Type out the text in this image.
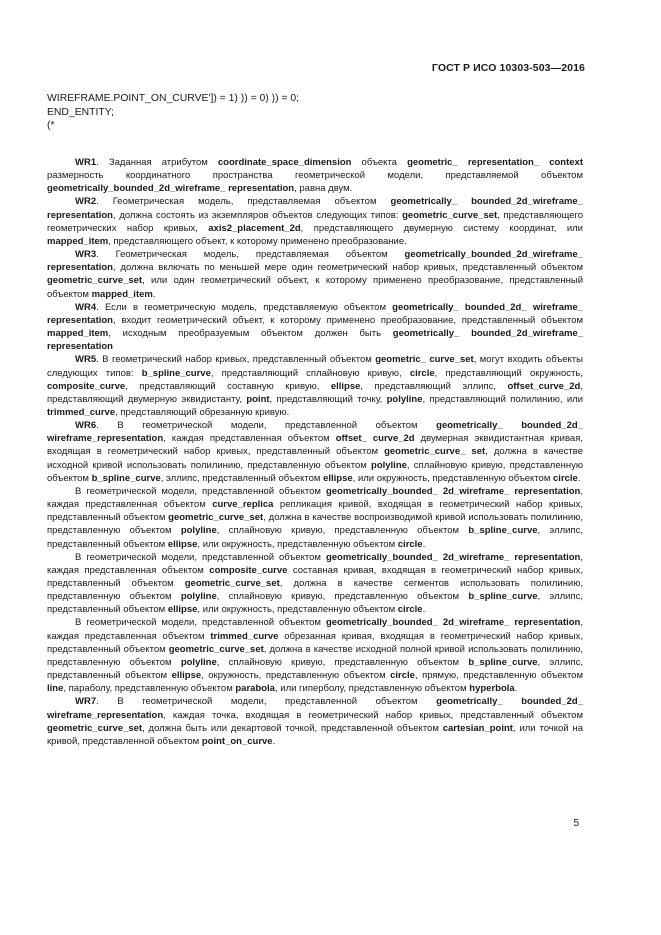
ГОСТ Р ИСО 10303-503—2016
WIREFRAME.POINT_ON_CURVE']) = 1) )) = 0) )) = 0;
END_ENTITY;
(*

WR1. Заданная атрибутом coordinate_space_dimension объекта geometric_ representation_ context размерность координатного пространства геометрической модели, представляемой объектом geometrically_bounded_2d_wireframe_ representation, равна двум.

WR2. Геометрическая модель, представляемая объектом geometrically_ bounded_2d_wireframe_ representation, должна состоять из экземпляров объектов следующих типов: geometric_curve_set, представляющего геометрических набор кривых, axis2_placement_2d, представляющего двумерную систему координат, или mapped_item, представляющего объект, к которому применено преобразование.

WR3. Геометрическая модель, представляемая объектом geometrically_bounded_2d_wireframe_ representation, должна включать по меньшей мере один геометрический набор кривых, представленный объектом geometric_curve_set, или один геометрический объект, к которому применено преобразование, представленный объектом mapped_item.

WR4. Если в геометрическую модель, представляемую объектом geometrically_ bounded_2d_ wireframe_ representation, входит геометрический объект, к которому применено преобразование, представленный объектом mapped_item, исходным преобразуемым объектом должен быть geometrically_ bounded_2d_wireframe_ representation

WR5. В геометрический набор кривых, представленный объектом geometric_ curve_set, могут входить объекты следующих типов: b_spline_curve, представляющий сплайновую кривую, circle, представляющий окружность, composite_curve, представляющий составную кривую, ellipse, представляющий эллипс, offset_curve_2d, представляющий двумерную эквидистанту, point, представляющий точку, polyline, представляющий полилинию, или trimmed_curve, представляющий обрезанную кривую.

WR6. В геометрической модели, представленной объектом geometrically_ bounded_2d_ wireframe_representation, каждая представленная объектом offset_ curve_2d двумерная эквидистантная кривая, входящая в геометрический набор кривых, представленный объектом geometric_curve_ set, должна в качестве исходной кривой использовать полилинию, представленную объектом polyline, сплайновую кривую, представленную объектом b_spline_curve, эллипс, представленный объектом ellipse, или окружность, представленную объектом circle.

В геометрической модели, представленной объектом geometrically_bounded_ 2d_wireframe_ representation, каждая представленная объектом curve_replica репликация кривой, входящая в геометрический набор кривых, представленный объектом geometric_curve_set, должна в качестве воспроизводимой кривой использовать полилинию, представленную объектом polyline, сплайновую кривую, представленную объектом b_spline_curve, эллипс, представленный объектом ellipse, или окружность, представленную объектом circle.

В геометрической модели, представленной объектом geometrically_bounded_ 2d_wireframe_ representation, каждая представленная объектом composite_curve составная кривая, входящая в геометрический набор кривых, представленный объектом geometric_curve_set, должна в качестве сегментов использовать полилинию, представленную объектом polyline, сплайновую кривую, представленную объектом b_spline_curve, эллипс, представленный объектом ellipse, или окружность, представленную объектом circle.

В геометрической модели, представленной объектом geometrically_bounded_ 2d_wireframe_ representation, каждая представленная объектом trimmed_curve обрезанная кривая, входящая в геометрический набор кривых, представленный объектом geometric_curve_set, должна в качестве исходной полной кривой использовать полилинию, представленную объектом polyline, сплайновую кривую, представленную объектом b_spline_curve, эллипс, представленный объектом ellipse, окружность, представленную объектом circle, прямую, представленную объектом line, параболу, представленную объектом parabola, или гиперболу, представленную объектом hyperbola.

WR7. В геометрической модели, представленной объектом geometrically_ bounded_2d_ wireframe_representation, каждая точка, входящая в геометрический набор кривых, представленный объектом geometric_curve_set, должна быть или декартовой точкой, представленной объектом cartesian_point, или точкой на кривой, представленной объектом point_on_curve.

5
